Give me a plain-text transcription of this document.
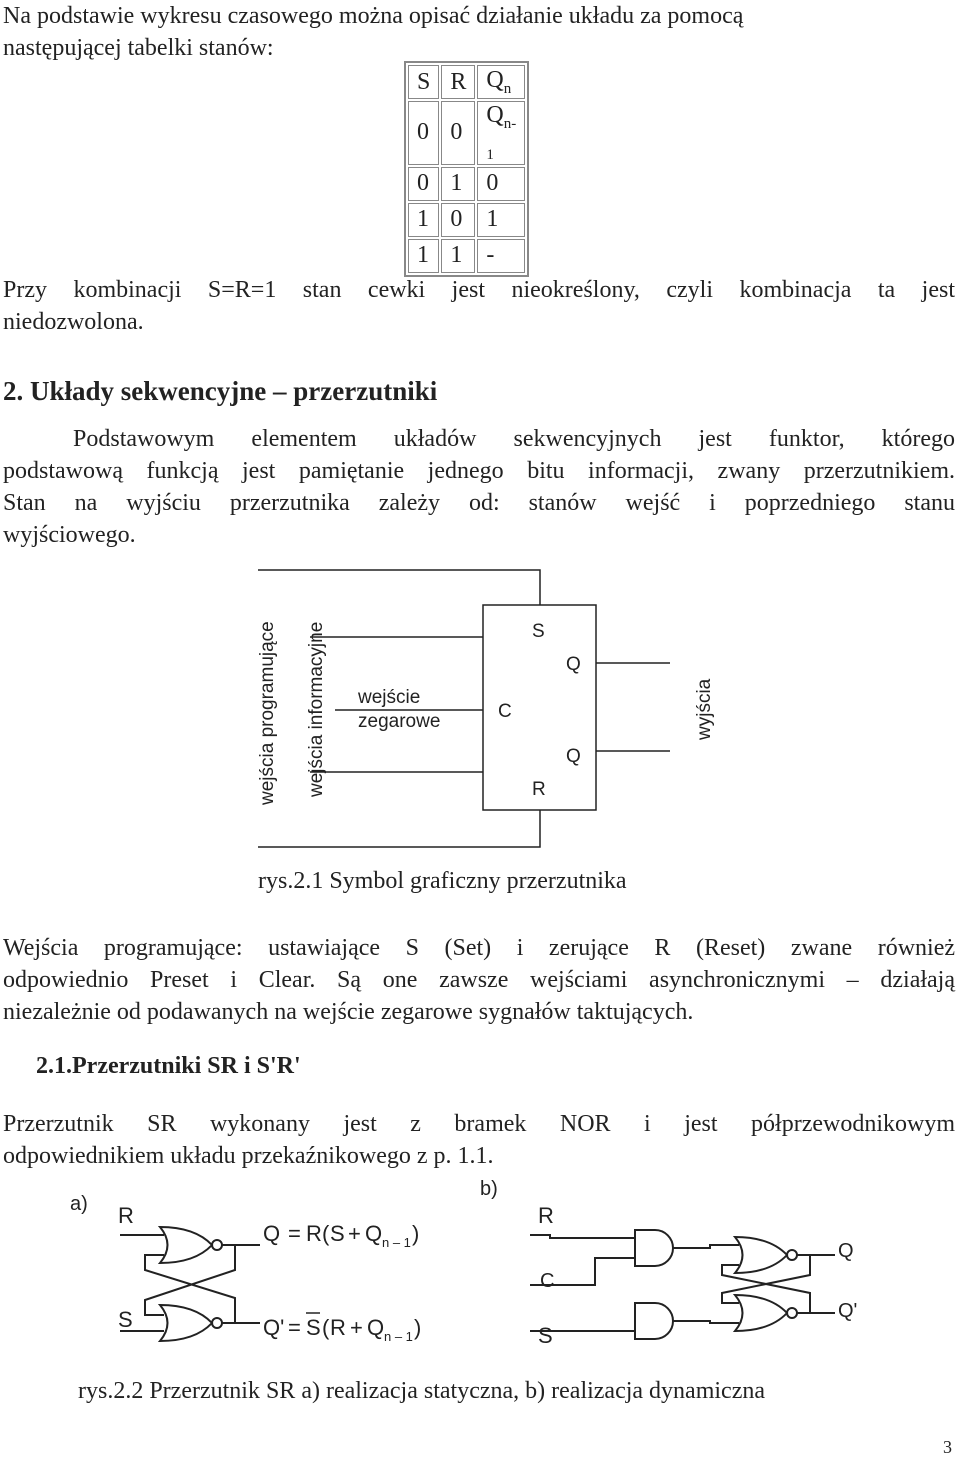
Na podstawie wykresu czasowego można opisać działanie układu za pomocą
następującej tabelki stanów:
S	R	$Q_n$
0	0	$Q_{n-1}$
0	1	0
1	0	1
1	1	-
Przy kombinacji S=R=1 stan cewki jest nieokreślony, czyli kombinacja ta jest
niedozwolona.
2. Układy sekwencyjne – przerzutniki
Podstawowym elementem układów sekwencyjnych jest funktor, którego
podstawową funkcją jest pamiętanie jednego bitu informacji, zwany przerzutnikiem.
Stan na wyjściu przerzutnika zależy od: stanów wejść i poprzedniego stanu
wyjściowego.
wejścia programujące wejścia informacyjne wejście
zegarowe
S
C
R
Q
Q
wyjścia
rys.2.1 Symbol graficzny przerzutnika
Wejścia programujące: ustawiające S (Set) i zerujące R (Reset) zwane również
odpowiednio Preset i Clear. Są one zawsze wejściami asynchronicznymi – działają
niezależnie od podawanych na wejście zegarowe sygnałów taktujących.
2.1.Przerzutniki SR i S'R'
Przerzutnik SR wykonany jest z bramek NOR i jest półprzewodnikowym
odpowiednikiem układu przekaźnikowego z p. 1.1.
a) R
S
Q = R ( S + Q n – 1 )
Q' = S ( R + Q n – 1 )
b)
R
C
S
Q
Q'
rys.2.2 Przerzutnik SR a) realizacja statyczna, b) realizacja dynamiczna
3
